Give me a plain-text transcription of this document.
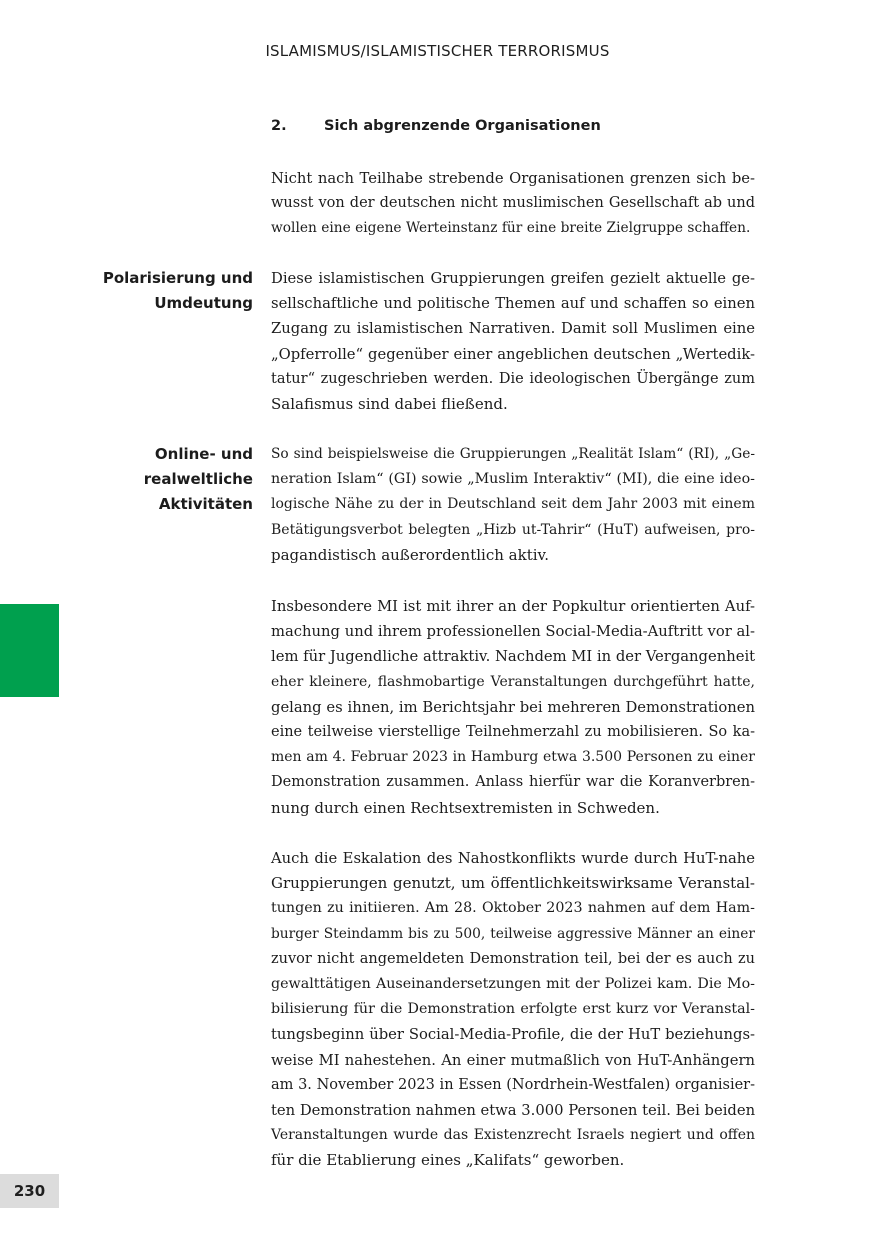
ISLAMISMUS/ISLAMISTISCHER TERRORISMUS
2.	Sich abgrenzende Organisationen

Nicht nach Teilhabe strebende Organisationen grenzen sich be-
wusst von der deutschen nicht muslimischen Gesellschaft ab und
wollen eine eigene Werteinstanz für eine breite Zielgruppe schaffen.

Polarisierung und
Umdeutung

Diese islamistischen Gruppierungen greifen gezielt aktuelle ge-
sellschaftliche und politische Themen auf und schaffen so einen
Zugang zu islamistischen Narrativen. Damit soll Muslimen eine
„Opferrolle“ gegenüber einer angeblichen deutschen „Wertedik-
tatur“ zugeschrieben werden. Die ideologischen Übergänge zum
Salafismus sind dabei fließend.

Online- und
realweltliche
Aktivitäten

So sind beispielsweise die Gruppierungen „Realität Islam“ (RI), „Ge-
neration Islam“ (GI) sowie „Muslim Interaktiv“ (MI), die eine ideo-
logische Nähe zu der in Deutschland seit dem Jahr 2003 mit einem
Betätigungsverbot belegten „Hizb ut-Tahrir“ (HuT) aufweisen, pro-
pagandistisch außerordentlich aktiv.

Insbesondere MI ist mit ihrer an der Popkultur orientierten Auf-
machung und ihrem professionellen Social-Media-Auftritt vor al-
lem für Jugendliche attraktiv. Nachdem MI in der Vergangenheit
eher kleinere, flashmobartige Veranstaltungen durchgeführt hatte,
gelang es ihnen, im Berichtsjahr bei mehreren Demonstrationen
eine teilweise vierstellige Teilnehmerzahl zu mobilisieren. So ka-
men am 4. Februar 2023 in Hamburg etwa 3.500 Personen zu einer
Demonstration zusammen. Anlass hierfür war die Koranverbren-
nung durch einen Rechtsextremisten in Schweden.

Auch die Eskalation des Nahostkonflikts wurde durch HuT-nahe
Gruppierungen genutzt, um öffentlichkeitswirksame Veranstal-
tungen zu initiieren. Am 28. Oktober 2023 nahmen auf dem Ham-
burger Steindamm bis zu 500, teilweise aggressive Männer an einer
zuvor nicht angemeldeten Demonstration teil, bei der es auch zu
gewalttätigen Auseinandersetzungen mit der Polizei kam. Die Mo-
bilisierung für die Demonstration erfolgte erst kurz vor Veranstal-
tungsbeginn über Social-Media-Profile, die der HuT beziehungs-
weise MI nahestehen. An einer mutmaßlich von HuT-Anhängern
am 3. November 2023 in Essen (Nordrhein-Westfalen) organisier-
ten Demonstration nahmen etwa 3.000 Personen teil. Bei beiden
Veranstaltungen wurde das Existenzrecht Israels negiert und offen
für die Etablierung eines „Kalifats“ geworben.

230
